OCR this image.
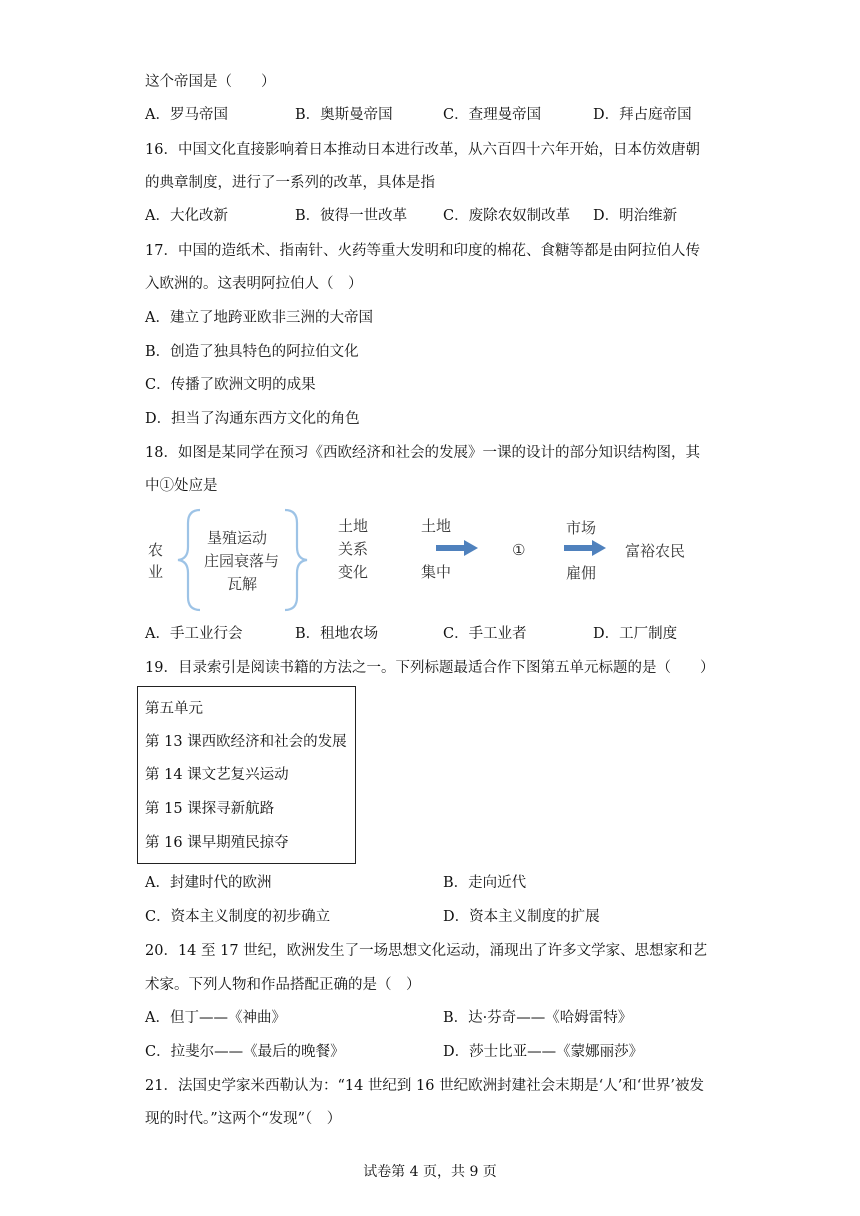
这个帝国是（　　）
A．罗马帝国	B．奥斯曼帝国	C．查理曼帝国	D．拜占庭帝国
16．中国文化直接影响着日本推动日本进行改革，从六百四十六年开始，日本仿效唐朝
的典章制度，进行了一系列的改革，具体是指
A．大化改新	B．彼得一世改革 C．废除农奴制改革 D．明治维新
17．中国的造纸术、指南针、火药等重大发明和印度的棉花、食糖等都是由阿拉伯人传
入欧洲的。这表明阿拉伯人（　）
A．建立了地跨亚欧非三洲的大帝国
B．创造了独具特色的阿拉伯文化
C．传播了欧洲文明的成果
D．担当了沟通东西方文化的角色
18．如图是某同学在预习《西欧经济和社会的发展》一课的设计的部分知识结构图，其
中①处应是
农
业
垦殖运动
庄园衰落与
瓦解
土地
关系
变化
土地
集中
①
市场
雇佣
富裕农民
A．手工业行会	B．租地农场	C．手工业者	D．工厂制度
19．目录索引是阅读书籍的方法之一。下列标题最适合作下图第五单元标题的是（　　）
第五单元
第 13 课西欧经济和社会的发展
第 14 课文艺复兴运动
第 15 课探寻新航路
第 16 课早期殖民掠夺
A．封建时代的欧洲	B．走向近代
C．资本主义制度的初步确立	D．资本主义制度的扩展
20．14 至 17 世纪，欧洲发生了一场思想文化运动，涌现出了许多文学家、思想家和艺
术家。下列人物和作品搭配正确的是（　）
A．但丁——《神曲》	B．达·芬奇——《哈姆雷特》
C．拉斐尔——《最后的晚餐》	D．莎士比亚——《蒙娜丽莎》
21．法国史学家米西勒认为：“14 世纪到 16 世纪欧洲封建社会末期是‘人’和‘世界’被发
现的时代。”这两个“发现”（　）
试卷第 4 页，共 9 页
